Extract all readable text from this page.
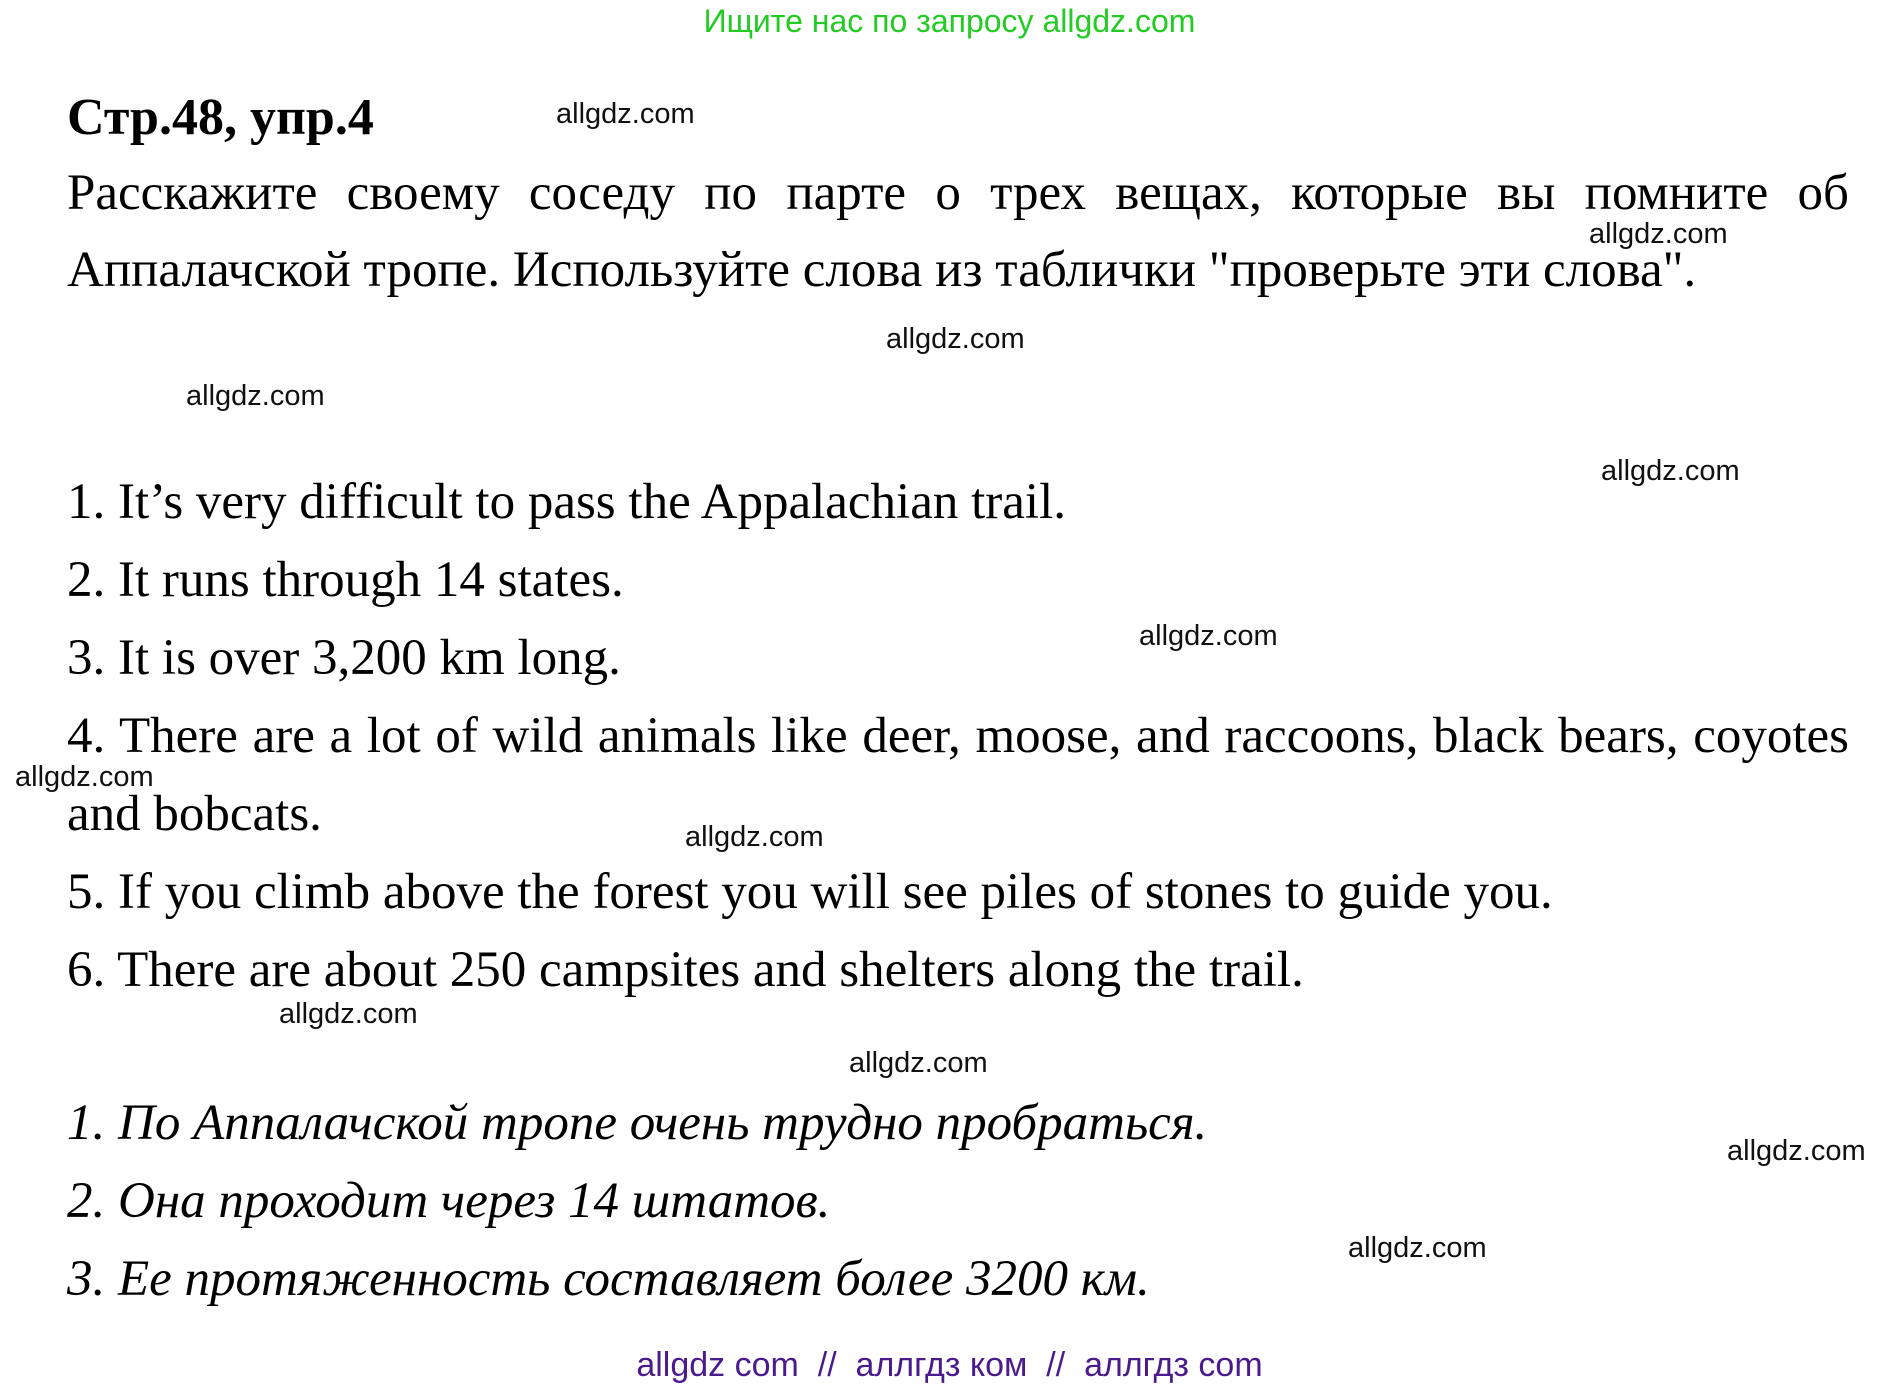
Ищите нас по запросу allgdz.com
Стр.48, упр.4
Расскажите своему соседу по парте о трех вещах, которые вы помните об Аппалачской тропе. Используйте слова из таблички "проверьте эти слова".
1. It’s very difficult to pass the Appalachian trail.
2. It runs through 14 states.
3. It is over 3,200 km long.
4. There are a lot of wild animals like deer, moose, and raccoons, black bears, coyotes and bobcats.
5. If you climb above the forest you will see piles of stones to guide you.
6. There are about 250 campsites and shelters along the trail.
1. По Аппалачской тропе очень трудно пробраться.
2. Она проходит через 14 штатов.
3. Ее протяженность составляет более 3200 км.
allgdz.com
allgdz.com
allgdz.com
allgdz.com
allgdz.com
allgdz.com
allgdz.com
allgdz.com
allgdz.com
allgdz.com
allgdz.com
allgdz.com
allgdz com  //  аллгдз ком  //  аллгдз com
